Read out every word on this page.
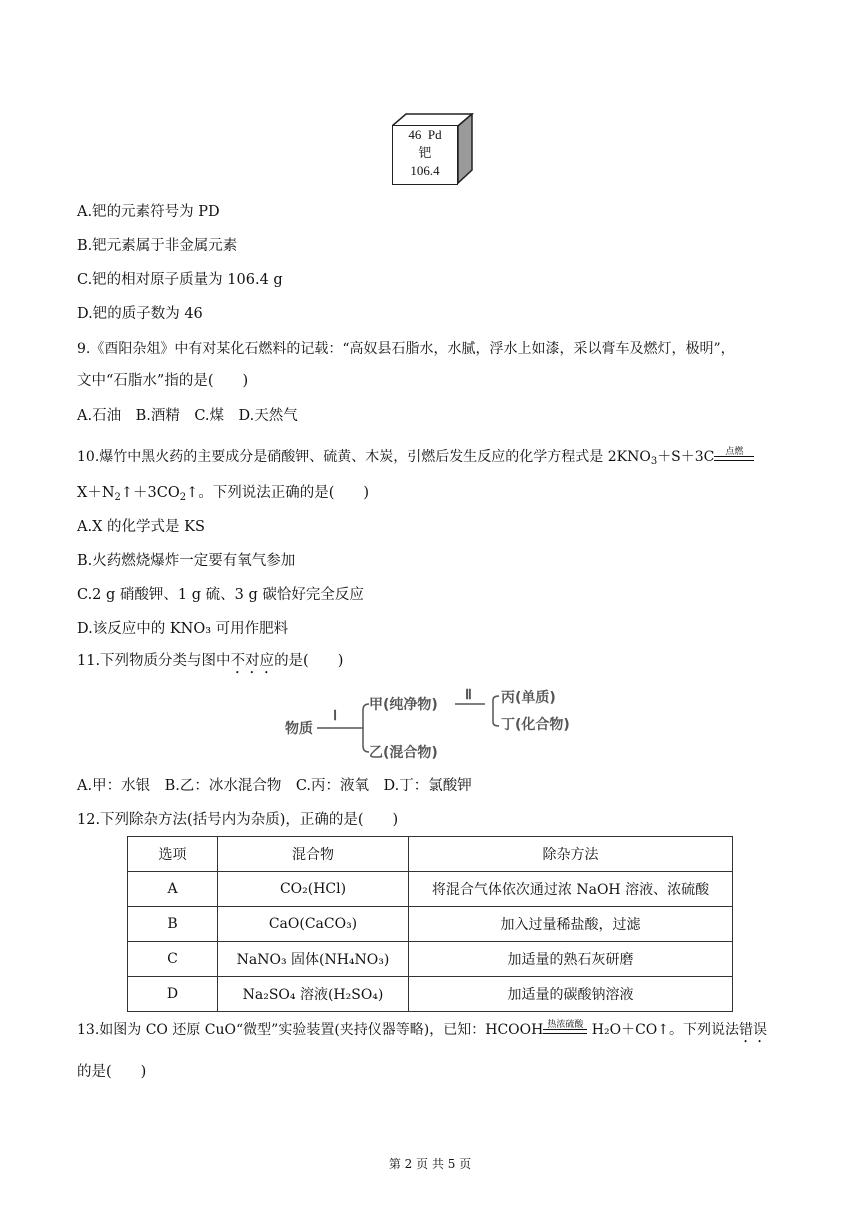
46 Pd
钯
106.4
A.钯的元素符号为 PD
B.钯元素属于非金属元素
C.钯的相对原子质量为 106.4 g
D.钯的质子数为 46
9.《酉阳杂俎》中有对某化石燃料的记载：“高奴县石脂水，水腻，浮水上如漆，采以膏车及燃灯，极明”，
文中“石脂水”指的是(　　)
A.石油　B.酒精　C.煤　D.天然气
10.爆竹中黑火药的主要成分是硝酸钾、硫黄、木炭，引燃后发生反应的化学方程式是 $2KNO_3+S+3C$	点燃
$X+N_2↑+3CO_2↑$。下列说法正确的是(　　)
A.X 的化学式是 KS
B.火药燃烧爆炸一定要有氧气参加
C.2 g 硝酸钾、1 g 硫、3 g 碳恰好完全反应
D.该反应中的 KNO₃ 可用作肥料
11.下列物质分类与图中不对应的是(　　)
物质
Ⅰ
甲(纯净物)
乙(混合物)
Ⅱ 丙(单质)
丁(化合物)
A.甲：水银　B.乙：冰水混合物　C.丙：液氧　D.丁：氯酸钾
12.下列除杂方法(括号内为杂质)，正确的是(　　)
选项	混合物	除杂方法
A	CO₂(HCl)	将混合气体依次通过浓 NaOH 溶液、浓硫酸
B	CaO(CaCO₃)	加入过量稀盐酸，过滤
C	NaNO₃ 固体(NH₄NO₃)	加适量的熟石灰研磨
D	Na₂SO₄ 溶液(H₂SO₄)	加适量的碳酸钠溶液
13.如图为 CO 还原 CuO“微型”实验装置(夹持仪器等略)，已知：HCOOH 热浓硫酸 H₂O＋CO↑。下列说法错误
的是(　　)
第 2 页 共 5 页
